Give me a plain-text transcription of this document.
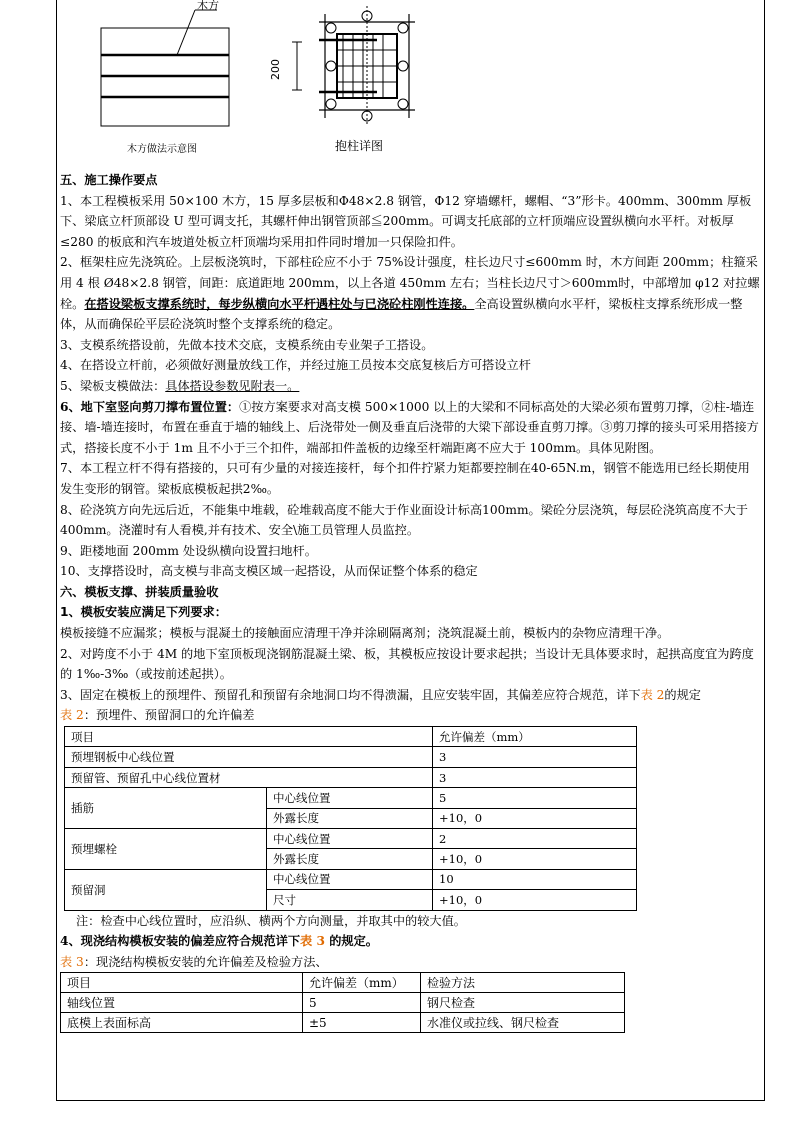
木方
木方做法示意图
200
抱柱详图

五、施工操作要点

1、本工程模板采用 50×100 木方，15 厚多层板和Φ48×2.8 钢管，Φ12 穿墙螺杆，螺帽、“3”形卡。400mm、300mm 厚板下、梁底立杆顶部设 U 型可调支托，其螺杆伸出钢管顶部≦200mm。可调支托底部的立杆顶端应设置纵横向水平杆。对板厚≤280 的板底和汽车坡道处板立杆顶端均采用扣件同时增加一只保险扣件。

2、框架柱应先浇筑砼。上层板浇筑时，下部柱砼应不小于 75%设计强度，柱长边尺寸≤600mm 时，木方间距 200mm；柱箍采用 4 根 Ø48×2.8 钢管，间距：底道距地 200mm，以上各道 450mm 左右；当柱长边尺寸＞600mm时，中部增加 φ12 对拉螺栓。在搭设梁板支撑系统时，每步纵横向水平杆遇柱处与已浇砼柱刚性连接。全高设置纵横向水平杆，梁板柱支撑系统形成一整体，从而确保砼平层砼浇筑时整个支撑系统的稳定。

3、支模系统搭设前，先做本技术交底，支模系统由专业架子工搭设。

4、在搭设立杆前，必须做好测量放线工作，并经过施工员按本交底复核后方可搭设立杆

5、梁板支模做法：具体搭设参数见附表一。

6、地下室竖向剪刀撑布置位置：①按方案要求对高支模 500×1000 以上的大梁和不同标高处的大梁必须布置剪刀撑，②柱-墙连接、墙-墙连接时，布置在垂直于墙的轴线上、后浇带处一侧及垂直后浇带的大梁下部设垂直剪刀撑。③剪刀撑的接头可采用搭接方式，搭接长度不小于 1m 且不小于三个扣件，端部扣件盖板的边缘至杆端距离不应大于 100mm。具体见附图。

7、本工程立杆不得有搭接的，只可有少量的对接连接杆，每个扣件拧紧力矩都要控制在40-65N.m，钢管不能选用已经长期使用发生变形的钢管。梁板底模板起拱2‰。

8、砼浇筑方向先远后近，不能集中堆载，砼堆载高度不能大于作业面设计标高100mm。梁砼分层浇筑，每层砼浇筑高度不大于400mm。浇灌时有人看模,并有技术、安全\施工员管理人员监控。

9、距楼地面 200mm 处设纵横向设置扫地杆。

10、支撑搭设时，高支模与非高支模区域一起搭设，从而保证整个体系的稳定

六、模板支撑、拼装质量验收

1、模板安装应满足下列要求：

模板接缝不应漏浆；模板与混凝土的接触面应清理干净并涂刷隔离剂；浇筑混凝土前，模板内的杂物应清理干净。

2、对跨度不小于 4M 的地下室顶板现浇钢筋混凝土梁、板，其模板应按设计要求起拱；当设计无具体要求时，起拱高度宜为跨度的 1‰-3‰（或按前述起拱）。

3、固定在模板上的预埋件、预留孔和预留有余地洞口均不得溃漏，且应安装牢固，其偏差应符合规范，详下表 2的规定

表 2：预埋件、预留洞口的允许偏差

项目		允许偏差（mm）
预埋钢板中心线位置		3
预留管、预留孔中心线位置材		3
插筋	中心线位置	5
	外露长度	+10，0
预埋螺栓	中心线位置	2
	外露长度	+10，0
预留洞	中心线位置	10
	尺寸	+10，0

注：检查中心线位置时，应沿纵、横两个方向测量，并取其中的较大值。

4、现浇结构模板安装的偏差应符合规范详下表 3 的规定。

表 3：现浇结构模板安装的允许偏差及检验方法、

项目	允许偏差（mm）	检验方法
轴线位置	5	钢尺检查
底模上表面标高	±5	水准仪或拉线、钢尺检查
